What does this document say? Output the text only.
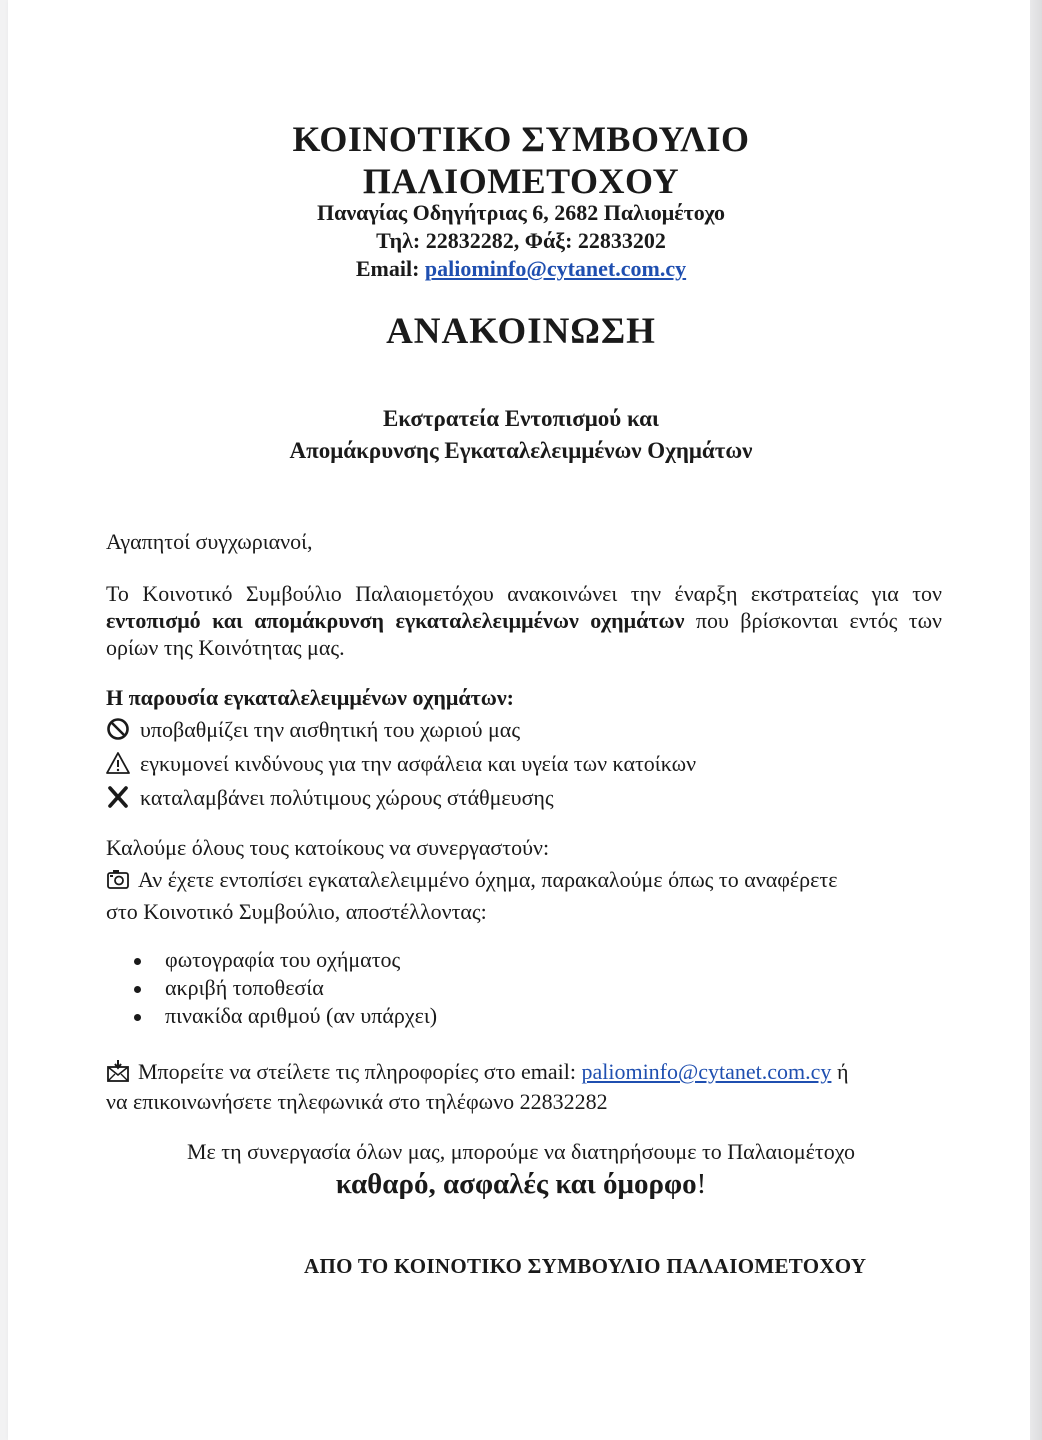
ΚΟΙΝΟΤΙΚΟ ΣΥΜΒΟΥΛΙΟ
ΠΑΛΙΟΜΕΤΟΧΟΥ
Παναγίας Οδηγήτριας 6, 2682 Παλιομέτοχο
Τηλ: 22832282, Φάξ: 22833202
Email: paliominfo@cytanet.com.cy
ΑΝΑΚΟΙΝΩΣΗ
Εκστρατεία Εντοπισμού και
Απομάκρυνσης Εγκαταλελειμμένων Οχημάτων
Αγαπητοί συγχωριανοί,
Το Κοινοτικό Συμβούλιο Παλαιομετόχου ανακοινώνει την έναρξη εκστρατείας για τον εντοπισμό και απομάκρυνση εγκαταλελειμμένων οχημάτων που βρίσκονται εντός των ορίων της Κοινότητας μας.
Η παρουσία εγκαταλελειμμένων οχημάτων:
υποβαθμίζει την αισθητική του χωριού μας
εγκυμονεί κινδύνους για την ασφάλεια και υγεία των κατοίκων
καταλαμβάνει πολύτιμους χώρους στάθμευσης
Καλούμε όλους τους κατοίκους να συνεργαστούν:
Αν έχετε εντοπίσει εγκαταλελειμμένο όχημα, παρακαλούμε όπως το αναφέρετε
στο Κοινοτικό Συμβούλιο, αποστέλλοντας:
φωτογραφία του οχήματος
ακριβή τοποθεσία
πινακίδα αριθμού (αν υπάρχει)
Μπορείτε να στείλετε τις πληροφορίες στο email: paliominfo@cytanet.com.cy ή
να επικοινωνήσετε τηλεφωνικά στο τηλέφωνο 22832282
Με τη συνεργασία όλων μας, μπορούμε να διατηρήσουμε το Παλαιομέτοχο
καθαρό, ασφαλές και όμορφο!
ΑΠΟ ΤΟ ΚΟΙΝΟΤΙΚΟ ΣΥΜΒΟΥΛΙΟ ΠΑΛΑΙΟΜΕΤΟΧΟΥ
